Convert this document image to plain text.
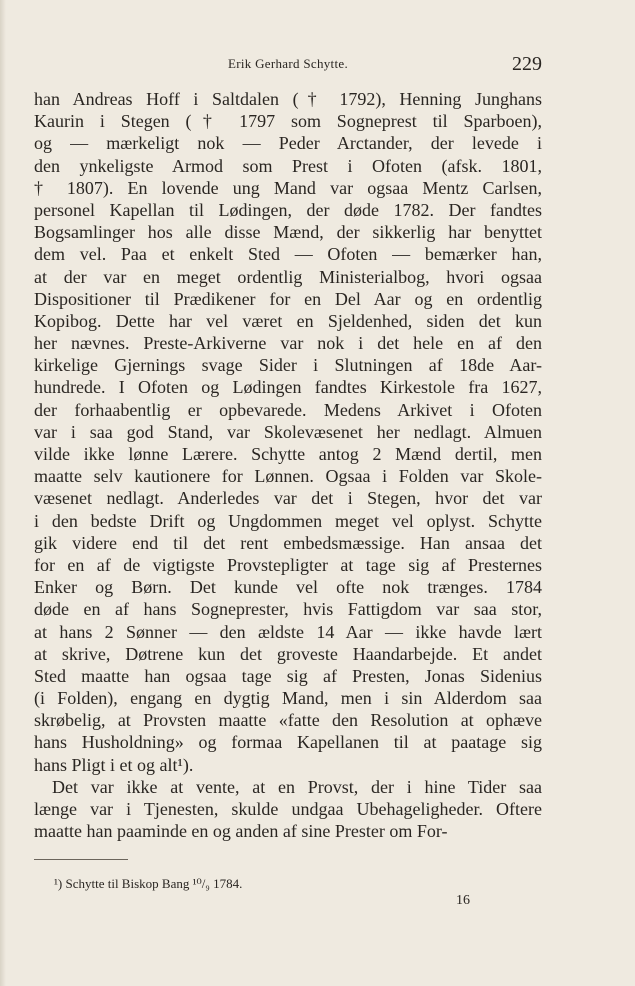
Erik Gerhard Schytte.	229
han Andreas Hoff i Saltdalen († 1792), Henning Junghans
Kaurin i Stegen († 1797 som Sogneprest til Sparboen),
og — mærkeligt nok — Peder Arctander, der levede i
den ynkeligste Armod som Prest i Ofoten (afsk. 1801,
† 1807). En lovende ung Mand var ogsaa Mentz Carlsen,
personel Kapellan til Lødingen, der døde 1782. Der fandtes
Bogsamlinger hos alle disse Mænd, der sikkerlig har benyttet
dem vel. Paa et enkelt Sted — Ofoten — bemærker han,
at der var en meget ordentlig Ministerialbog, hvori ogsaa
Dispositioner til Prædikener for en Del Aar og en ordentlig
Kopibog. Dette har vel været en Sjeldenhed, siden det kun
her nævnes. Preste-Arkiverne var nok i det hele en af den
kirkelige Gjernings svage Sider i Slutningen af 18de Aar-
hundrede. I Ofoten og Lødingen fandtes Kirkestole fra 1627,
der forhaabentlig er opbevarede. Medens Arkivet i Ofoten
var i saa god Stand, var Skolevæsenet her nedlagt. Almuen
vilde ikke lønne Lærere. Schytte antog 2 Mænd dertil, men
maatte selv kautionere for Lønnen. Ogsaa i Folden var Skole-
væsenet nedlagt. Anderledes var det i Stegen, hvor det var
i den bedste Drift og Ungdommen meget vel oplyst. Schytte
gik videre end til det rent embedsmæssige. Han ansaa det
for en af de vigtigste Provstepligter at tage sig af Presternes
Enker og Børn. Det kunde vel ofte nok trænges. 1784
døde en af hans Sogneprester, hvis Fattigdom var saa stor,
at hans 2 Sønner — den ældste 14 Aar — ikke havde lært
at skrive, Døtrene kun det groveste Haandarbejde. Et andet
Sted maatte han ogsaa tage sig af Presten, Jonas Sidenius
(i Folden), engang en dygtig Mand, men i sin Alderdom saa
skrøbelig, at Provsten maatte «fatte den Resolution at ophæve
hans Husholdning» og formaa Kapellanen til at paatage sig
hans Pligt i et og alt¹).
Det var ikke at vente, at en Provst, der i hine Tider saa
længe var i Tjenesten, skulde undgaa Ubehageligheder. Oftere
maatte han paaminde en og anden af sine Prester om For-
¹) Schytte til Biskop Bang ¹⁰/₉ 1784.
16
